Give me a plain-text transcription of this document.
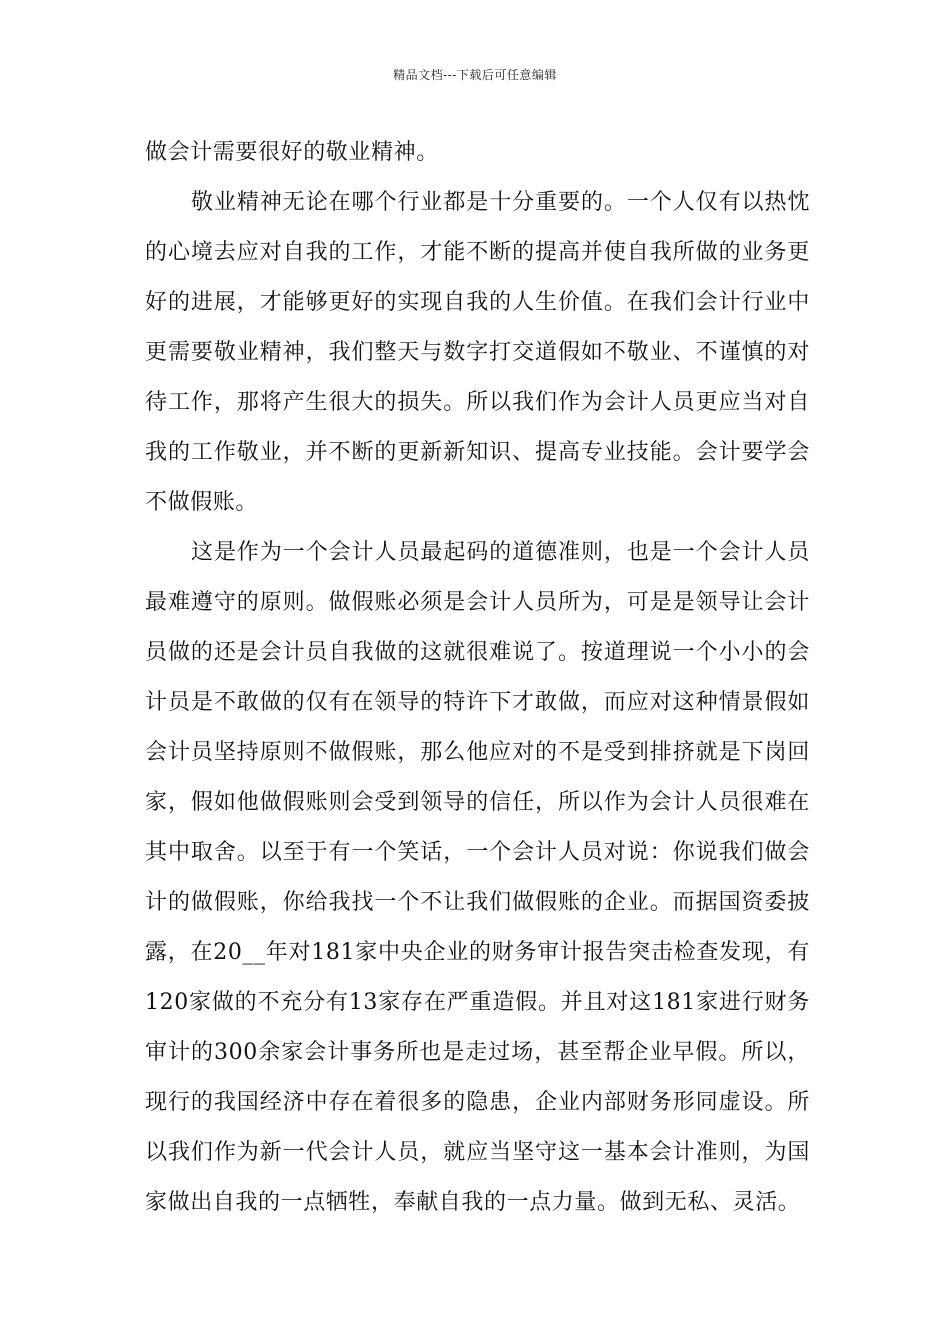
精品文档---下载后可任意编辑
做会计需要很好的敬业精神。
敬业精神无论在哪个行业都是十分重要的。一个人仅有以热忱
的心境去应对自我的工作，才能不断的提高并使自我所做的业务更
好的进展，才能够更好的实现自我的人生价值。在我们会计行业中
更需要敬业精神，我们整天与数字打交道假如不敬业、不谨慎的对
待工作，那将产生很大的损失。所以我们作为会计人员更应当对自
我的工作敬业，并不断的更新新知识、提高专业技能。会计要学会
不做假账。
这是作为一个会计人员最起码的道德准则，也是一个会计人员
最难遵守的原则。做假账必须是会计人员所为，可是是领导让会计
员做的还是会计员自我做的这就很难说了。按道理说一个小小的会
计员是不敢做的仅有在领导的特许下才敢做，而应对这种情景假如
会计员坚持原则不做假账，那么他应对的不是受到排挤就是下岗回
家，假如他做假账则会受到领导的信任，所以作为会计人员很难在
其中取舍。以至于有一个笑话，一个会计人员对说：你说我们做会
计的做假账，你给我找一个不让我们做假账的企业。而据国资委披
露，在20__年对181家中央企业的财务审计报告突击检查发现，有
120家做的不充分有13家存在严重造假。并且对这181家进行财务
审计的300余家会计事务所也是走过场，甚至帮企业早假。所以，
现行的我国经济中存在着很多的隐患，企业内部财务形同虚设。所
以我们作为新一代会计人员，就应当坚守这一基本会计准则，为国
家做出自我的一点牺牲，奉献自我的一点力量。做到无私、灵活。
